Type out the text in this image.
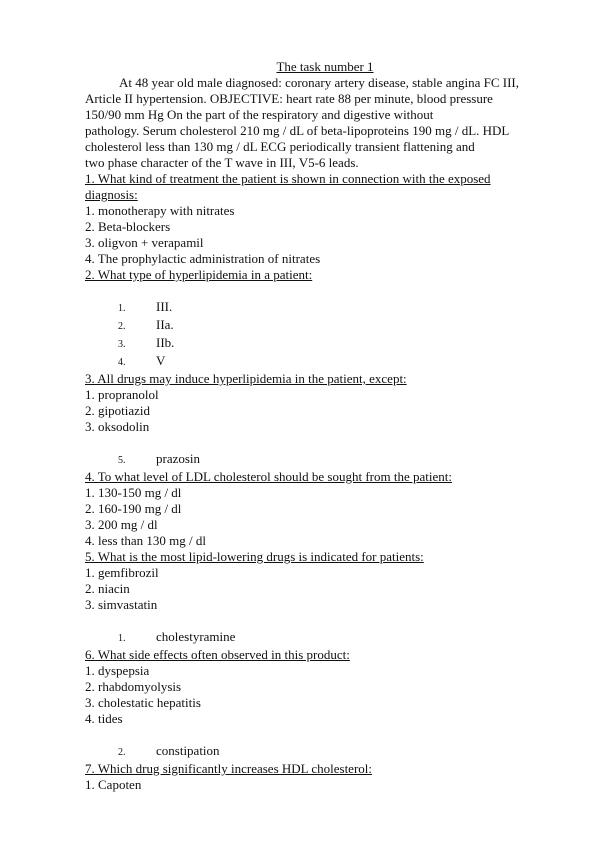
The task number 1
At 48 year old male diagnosed: coronary artery disease, stable angina FC III,
Article II hypertension. OBJECTIVE: heart rate 88 per minute, blood pressure
150/90 mm Hg On the part of the respiratory and digestive without
pathology. Serum cholesterol 210 mg / dL of beta-lipoproteins 190 mg / dL. HDL
cholesterol less than 130 mg / dL ECG periodically transient flattening and
two phase character of the T wave in III, V5-6 leads.
1. What kind of treatment the patient is shown in connection with the exposed diagnosis:
1. monotherapy with nitrates
2. Beta-blockers
3. oligvon + verapamil
4. The prophylactic administration of nitrates
2. What type of hyperlipidemia in a patient:
1.	III.
2.	IIa.
3.	IIb.
4.	V
3. All drugs may induce hyperlipidemia in the patient, except:
1. propranolol
2. gipotiazid
3. oksodolin
5.	prazosin
4. To what level of LDL cholesterol should be sought from the patient:
1. 130-150 mg / dl
2. 160-190 mg / dl
3. 200 mg / dl
4. less than 130 mg / dl
5. What is the most lipid-lowering drugs is indicated for patients:
1. gemfibrozil
2. niacin
3. simvastatin
1.	cholestyramine
6. What side effects often observed in this product:
1. dyspepsia
2. rhabdomyolysis
3. cholestatic hepatitis
4. tides
2.	constipation
7. Which drug significantly increases HDL cholesterol:
1. Capoten
